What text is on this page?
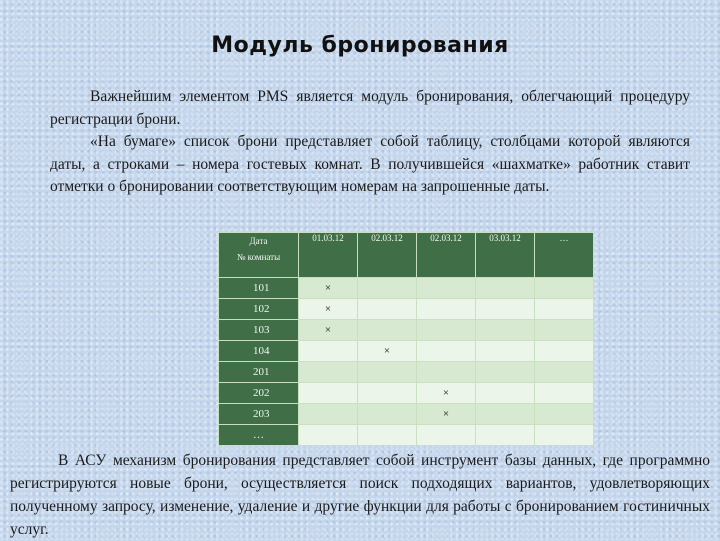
Модуль бронирования

Важнейшим элементом PMS является модуль бронирования, облегчающий процедуру регистрации брони.

«На бумаге» список брони представляет собой таблицу, столбцами которой являются даты, а строками – номера гостевых комнат. В получившейся «шахматке» работник ставит отметки о бронировании соответствующим номерам на запрошенные даты.

Дата
№ комнаты	01.03.12	02.03.12	02.03.12	03.03.12	…
101	×				
102	×				
103	×				
104		×			
201					
202			×		
203			×		
…					

В АСУ механизм бронирования представляет собой инструмент базы данных, где программно регистрируются новые брони, осуществляется поиск подходящих вариантов, удовлетворяющих полученному запросу, изменение, удаление и другие функции для работы с бронированием гостиничных услуг.
